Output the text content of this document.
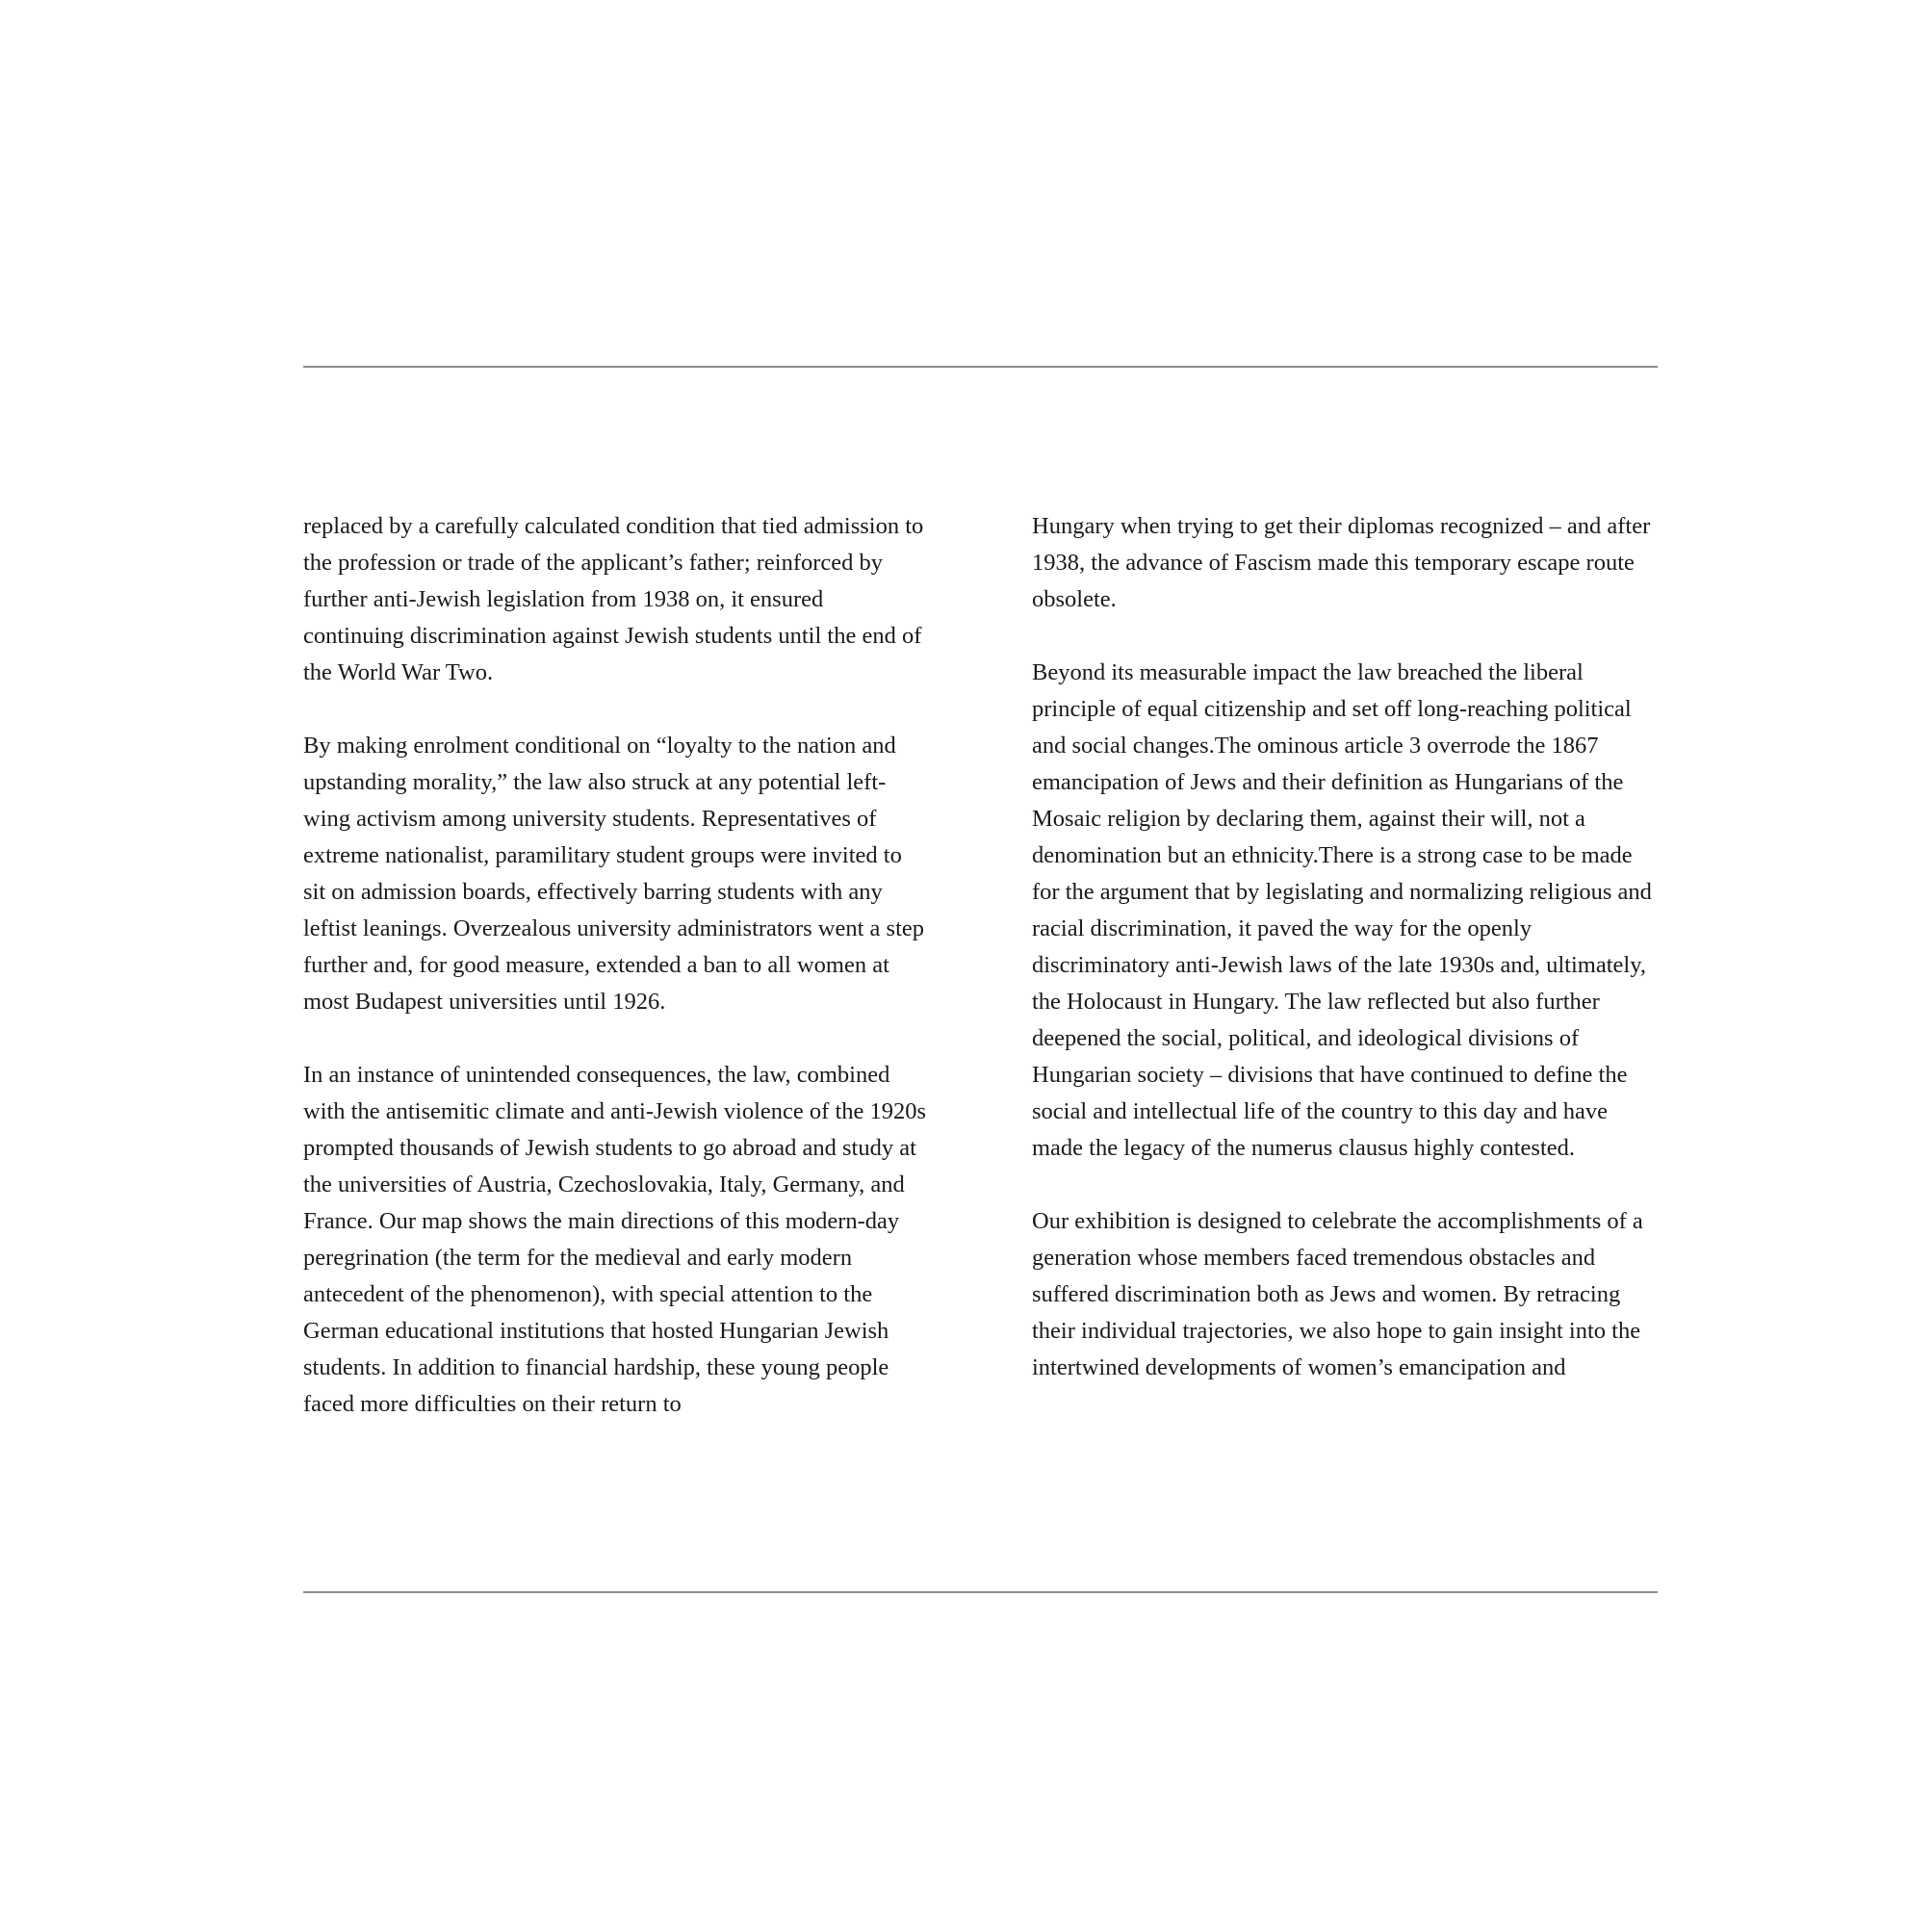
replaced by a carefully calculated condition that tied admission to the profession or trade of the applicant’s father; reinforced by further anti-Jewish legislation from 1938 on, it ensured continuing discrimination against Jewish students until the end of the World War Two.

By making enrolment conditional on “loyalty to the nation and upstanding morality,” the law also struck at any potential left-wing activism among university students. Representatives of extreme nationalist, paramilitary student groups were invited to sit on admission boards, effectively barring students with any leftist leanings. Overzealous university administrators went a step further and, for good measure, extended a ban to all women at most Budapest universities until 1926.

In an instance of unintended consequences, the law, combined with the antisemitic climate and anti-Jewish violence of the 1920s prompted thousands of Jewish students to go abroad and study at the universities of Austria, Czechoslovakia, Italy, Germany, and France. Our map shows the main directions of this modern-day peregrination (the term for the medieval and early modern antecedent of the phenomenon), with special attention to the German educational institutions that hosted Hungarian Jewish students. In addition to financial hardship, these young people faced more difficulties on their return to

Hungary when trying to get their diplomas recognized – and after 1938, the advance of Fascism made this temporary escape route obsolete.

Beyond its measurable impact the law breached the liberal principle of equal citizenship and set off long-reaching political and social changes.The ominous article 3 overrode the 1867 emancipation of Jews and their definition as Hungarians of the Mosaic religion by declaring them, against their will, not a denomination but an ethnicity.There is a strong case to be made for the argument that by legislating and normalizing religious and racial discrimination, it paved the way for the openly discriminatory anti-Jewish laws of the late 1930s and, ultimately, the Holocaust in Hungary. The law reflected but also further deepened the social, political, and ideological divisions of Hungarian society – divisions that have continued to define the social and intellectual life of the country to this day and have made the legacy of the numerus clausus highly contested.

Our exhibition is designed to celebrate the accomplishments of a generation whose members faced tremendous obstacles and suffered discrimination both as Jews and women. By retracing their individual trajectories, we also hope to gain insight into the intertwined developments of women’s emancipation and
